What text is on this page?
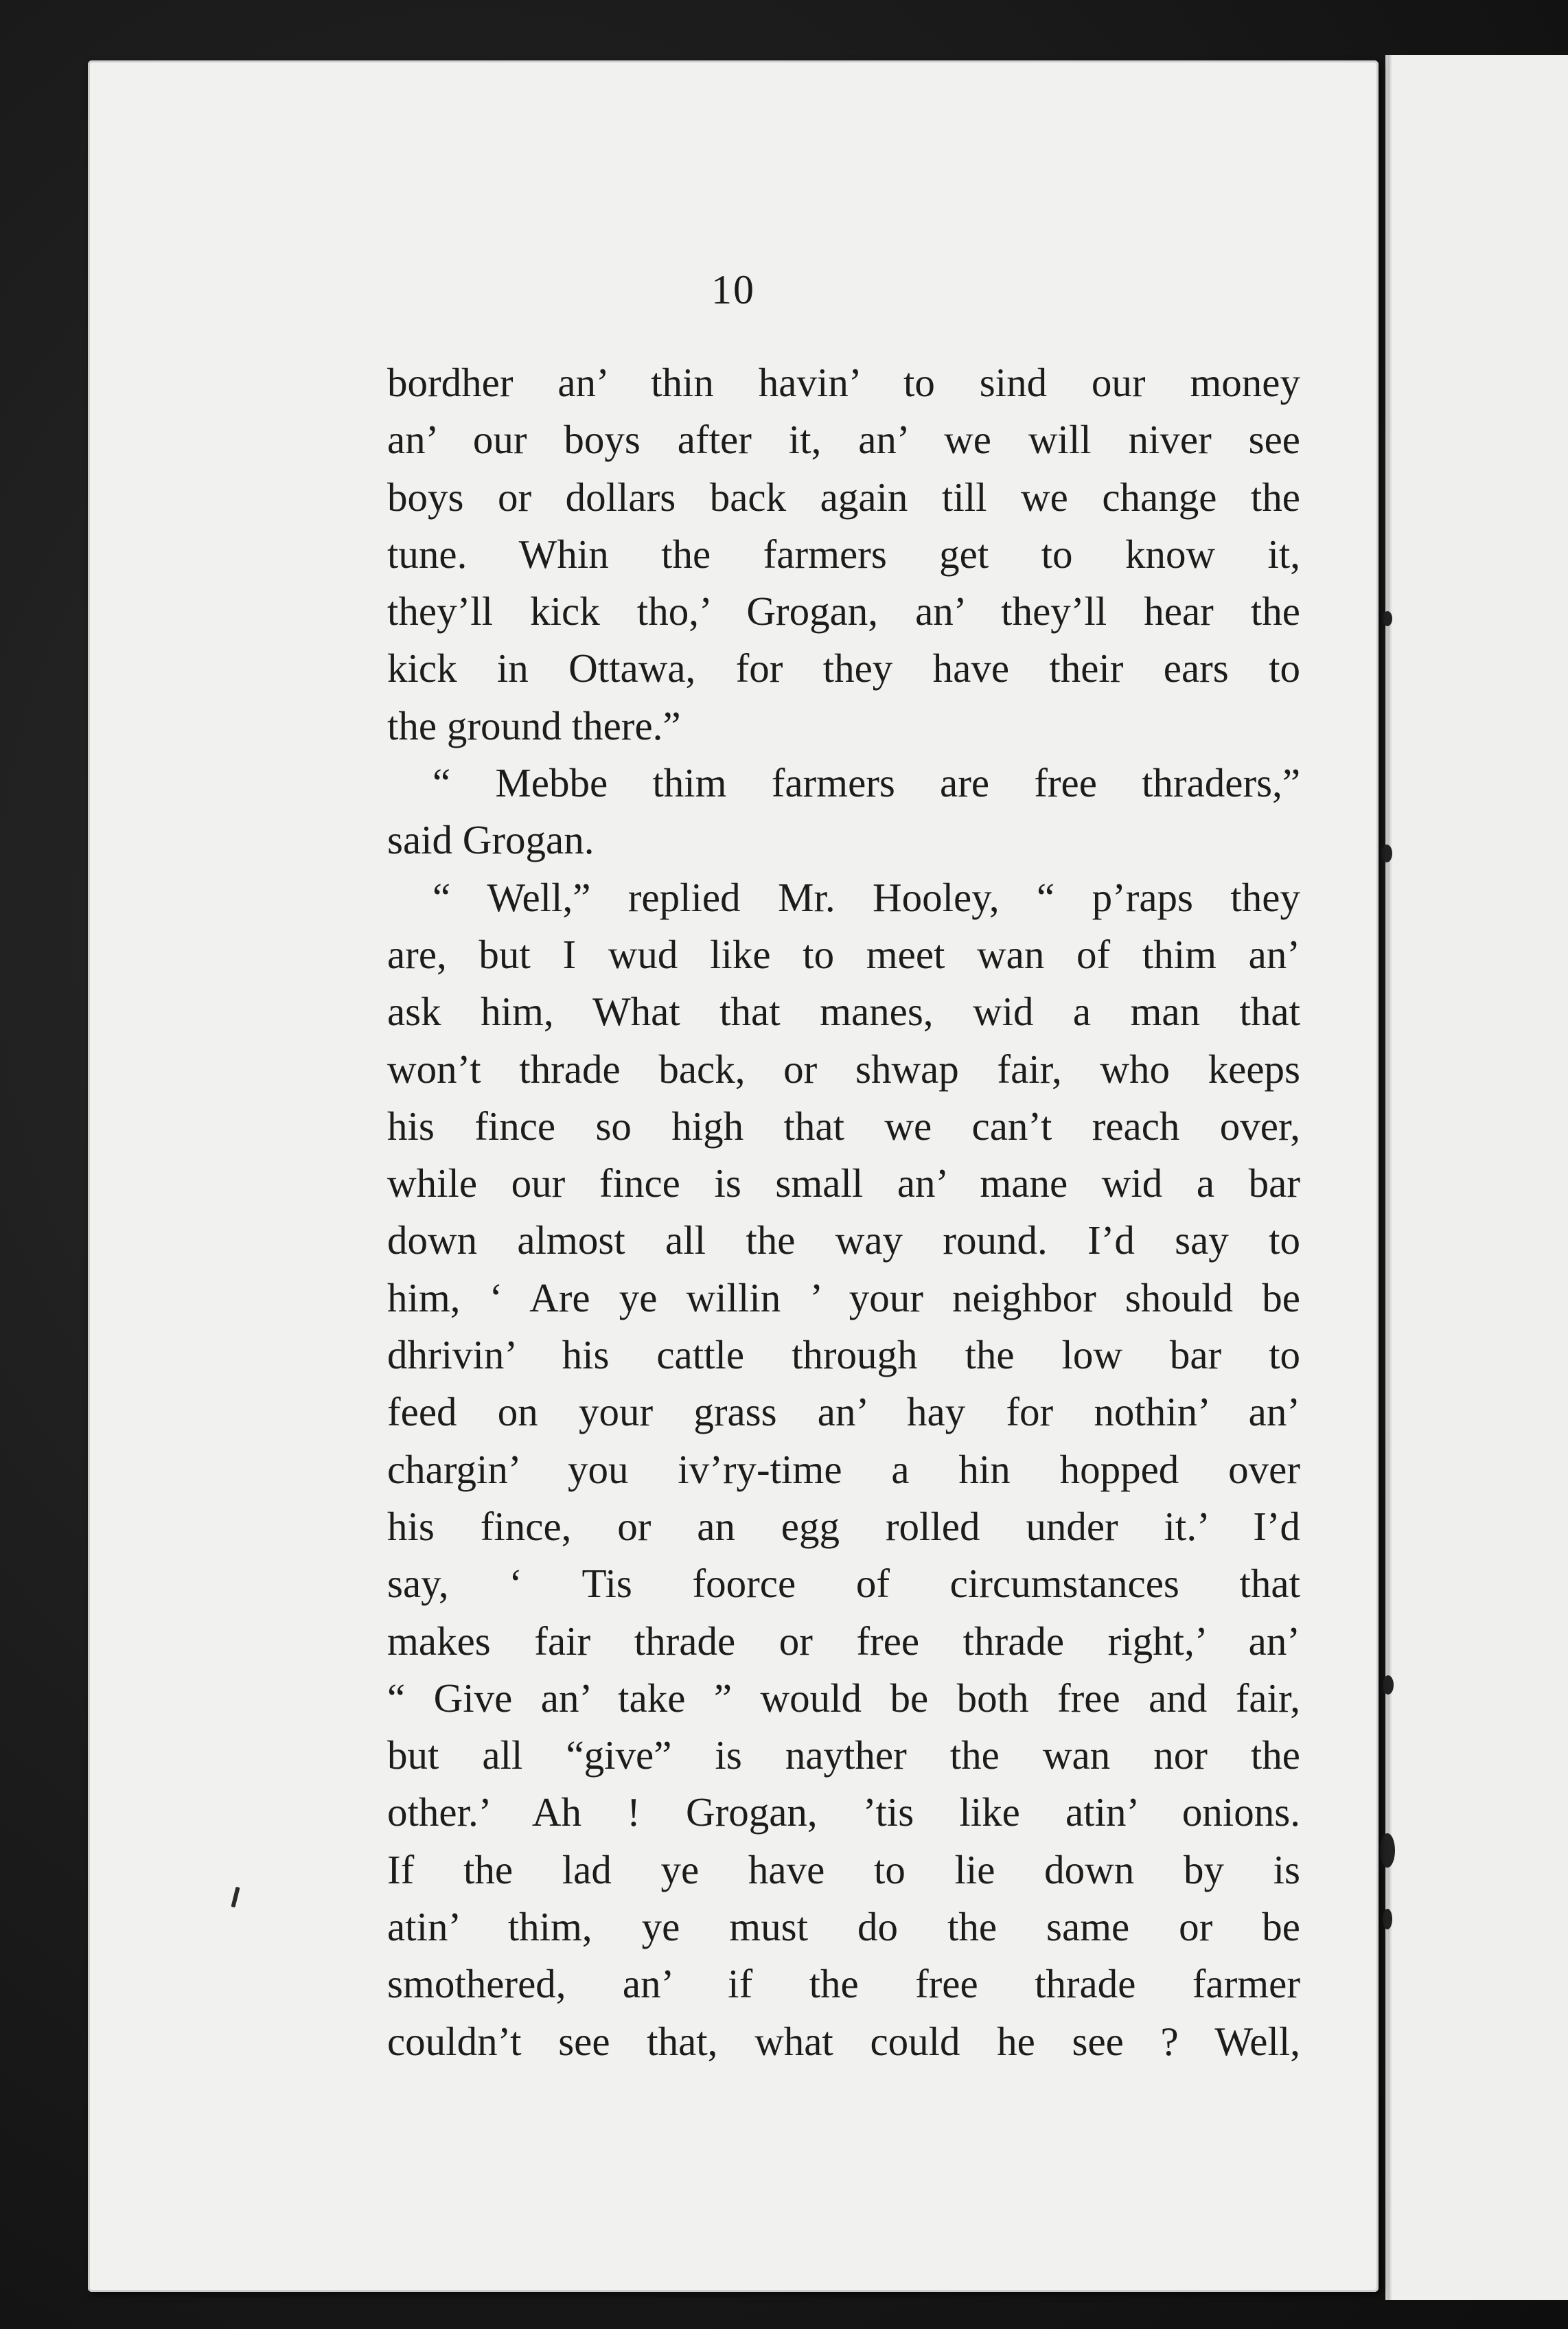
10
bordher an’ thin havin’ to sind our money
an’ our boys after it, an’ we will niver see
boys or dollars back again till we change the
tune. Whin the farmers get to know it,
they’ll kick tho,’ Grogan, an’ they’ll hear the
kick in Ottawa, for they have their ears to
the ground there.”
“ Mebbe thim farmers are free thraders,”
said Grogan.
“ Well,” replied Mr. Hooley, “ p’raps they
are, but I wud like to meet wan of thim an’
ask him, What that manes, wid a man that
won’t thrade back, or shwap fair, who keeps
his fince so high that we can’t reach over,
while our fince is small an’ mane wid a bar
down almost all the way round. I’d say to
him, ‘ Are ye willin ’ your neighbor should be
dhrivin’ his cattle through the low bar to
feed on your grass an’ hay for nothin’ an’
chargin’ you iv’ry-time a hin hopped over
his fince, or an egg rolled under it.’ I’d
say, ‘ Tis foorce of circumstances that
makes fair thrade or free thrade right,’ an’
“ Give an’ take ” would be both free and fair,
but all “give” is nayther the wan nor the
other.’ Ah ! Grogan, ’tis like atin’ onions.
If the lad ye have to lie down by is
atin’ thim, ye must do the same or be
smothered, an’ if the free thrade farmer
couldn’t see that, what could he see ? Well,
